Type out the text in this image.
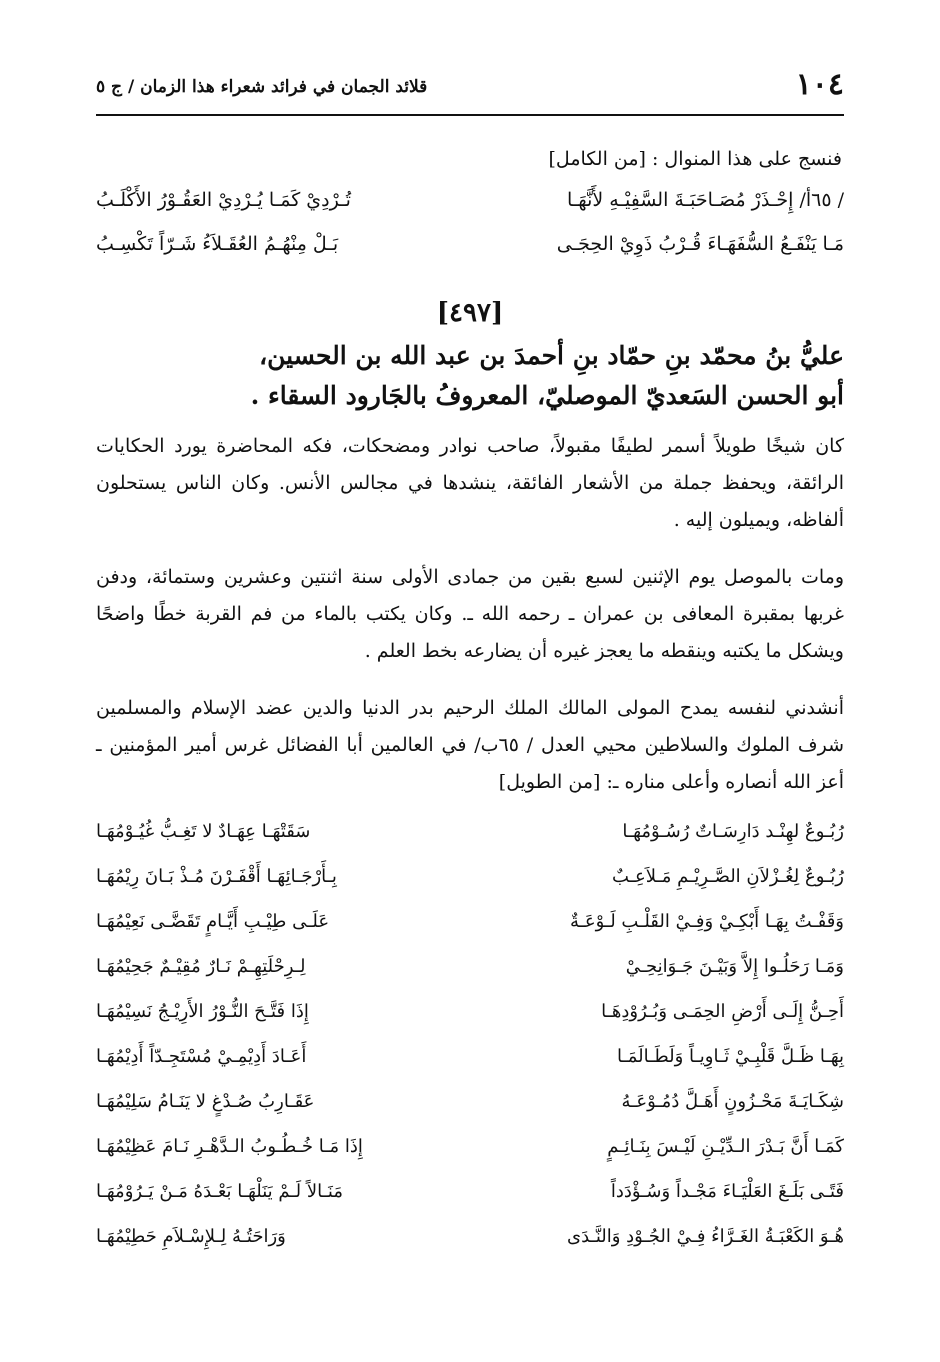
١٠٤
قلائد الجمان في فرائد شعراء هذا الزمان / ج ٥
فنسج على هذا المنوال : [من الكامل]
/ ٦٥أ/ إِحْـذَرْ مُصَـاحَبَـةَ السَّفِيْـهِ لأَنَّهَـا
تُـرْدِيْ كَمَـا يُـرْدِيْ العَقُـوْرُ الأَكْلَـبُ
مَـا يَنْفَـعُ السُّفَهَـاءَ قُـرْبُ ذَوِيْ الحِجَـى
بَـلْ مِنْهُـمُ العُقَـلاَءُ شَـرّاً تَكْسِـبُ
[٤٩٧]
عليُّ بنُ محمّد بنِ حمّاد بنِ أحمدَ بن عبد الله بن الحسين،
أبو الحسن السَعديّ الموصليّ، المعروفُ بالجَارود السقاء .

كان شيخًا طويلاً أسمر لطيفًا مقبولاً، صاحب نوادر ومضحكات، فكه المحاضرة يورد الحكايات الرائقة، ويحفظ جملة من الأشعار الفائقة، ينشدها في مجالس الأنس. وكان الناس يستحلون ألفاظه، ويميلون إليه .

ومات بالموصل يوم الإثنين لسبع بقين من جمادى الأولى سنة اثنتين وعشرين وستمائة، ودفن غربها بمقبرة المعافى بن عمران ـ رحمه الله ـ. وكان يكتب بالماء من فم القربة خطًا واضحًا ويشكل ما يكتبه وينقطه ما يعجز غيره أن يضارعه بخط العلم .

أنشدني لنفسه يمدح المولى المالك الملك الرحيم بدر الدنيا والدين عضد الإسلام والمسلمين شرف الملوك والسلاطين محيي العدل / ٦٥ب/ في العالمين أبا الفضائل غرس أمير المؤمنين ـ أعز الله أنصاره وأعلى مناره ـ: [من الطويل]

رُبُـوعٌ لهِنْـد دَارِسَـاتٌ رُسُـوْمُهَـا
سَقَتْهَـا عِهَـادٌ لا تَغِـبُّ غُيُـوْمُهَـا
رُبُـوعٌ لِغُـزْلاَنِ الصَّـرِيْـمِ مَـلاَعِـبٌ
بِـأَرْجَـائِهَـا أَقْفَـرْنَ مُـذْ بَـانَ رِيْمُهَـا
وَقَفْـتُ بِهَـا أَبْكِـيْ وَفِـيْ القَلْـبِ لَـوْعَـةٌ
عَلَـى طِيْـبِ أَيَّـامٍ تَقَضَّـى نَعِيْمُهَـا
وَمَـا رَحَلُـوا إِلاَّ وَبَيْـنَ جَـوَانِحِـيْ
لِـرِحْلَتِهِـمْ نَـارٌ مُقِيْـمٌ جَحِيْمُهَـا
أَحِـنُّ إِلَـى أَرْضِ الحِمَـى وَبُـرُوْدِهَـا
إِذَا فَتَّـحَ النُّـوْرُ الأَرِيْـجُ نَسِيْمُهَـا
بِهَـا ظَـلَّ قَلْبِـيْ ثَـاوِيـاً وَلَطَـالَمَـا
أَعَـادَ أَدِيْمِـيْ مُسْتَجِـدّاً أَدِيْمُهَـا
شِكَـايَـةَ مَحْـزُونٍ أَهَـلَّ دُمُـوْعَـهُ
عَقَـارِبُ صُـدْغٍ لا يَنَـامُ سَلِيْمُهَـا
كَمَـا أَنَّ بَـدْرَ الـدِّيْـنِ لَيْـسَ بِنَـائِـمٍ
إِذَا مَـا خُـطُـوبُ الـدَّهْـرِ نَـامَ عَظِيْمُهَـا
فَتًـى بَلَـغَ العَلْيَـاءَ مَجْـداً وَسُـؤْدَداً
مَنَـالاً لَـمْ يَنَلْهَـا بَعْـدَهُ مَـنْ يَـرُوْمُهَـا
هُـوَ الكَعْبَـةُ الغَـرَّاءُ فِـيْ الجُـوْدِ وَالنَّـدَى
وَرَاحَتُـهُ لِـلإِسْـلاَمِ حَطِيْمُهَـا
